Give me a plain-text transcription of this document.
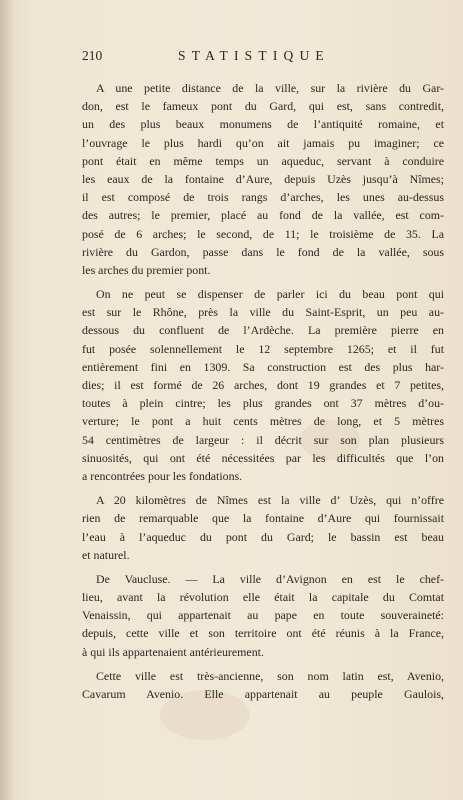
210	STATISTIQUE
A une petite distance de la ville, sur la rivière du Gar-
don, est le fameux pont du Gard, qui est, sans contredit,
un des plus beaux monumens de l’antiquité romaine, et
l’ouvrage le plus hardi qu’on ait jamais pu imaginer; ce
pont était en même temps un aqueduc, servant à conduire
les eaux de la fontaine d’Aure, depuis Uzès jusqu’à Nîmes;
il est composé de trois rangs d’arches, les unes au-dessus
des autres; le premier, placé au fond de la vallée, est com-
posé de 6 arches; le second, de 11; le troisième de 35. La
rivière du Gardon, passe dans le fond de la vallée, sous
les arches du premier pont.
On ne peut se dispenser de parler ici du beau pont qui
est sur le Rhône, près la ville du Saint-Esprit, un peu au-
dessous du confluent de l’Ardèche. La première pierre en
fut posée solennellement le 12 septembre 1265; et il fut
entièrement fini en 1309. Sa construction est des plus har-
dies; il est formé de 26 arches, dont 19 grandes et 7 petites,
toutes à plein cintre; les plus grandes ont 37 mètres d’ou-
verture; le pont a huit cents mètres de long, et 5 mètres
54 centimètres de largeur : il décrit sur son plan plusieurs
sinuosités, qui ont été nécessitées par les difficultés que l’on
a rencontrées pour les fondations.
A 20 kilomètres de Nîmes est la ville d’ Uzès, qui n’offre
rien de remarquable que la fontaine d’Aure qui fournissait
l’eau à l’aqueduc du pont du Gard; le bassin est beau
et naturel.
De Vaucluse. — La ville d’Avignon en est le chef-
lieu, avant la révolution elle était la capitale du Comtat
Venaissin, qui appartenait au pape en toute souveraineté:
depuis, cette ville et son territoire ont été réunis à la France,
à qui ils appartenaient antérieurement.
Cette ville est très-ancienne, son nom latin est, Avenio,
Cavarum Avenio. Elle appartenait au peuple Gaulois,
